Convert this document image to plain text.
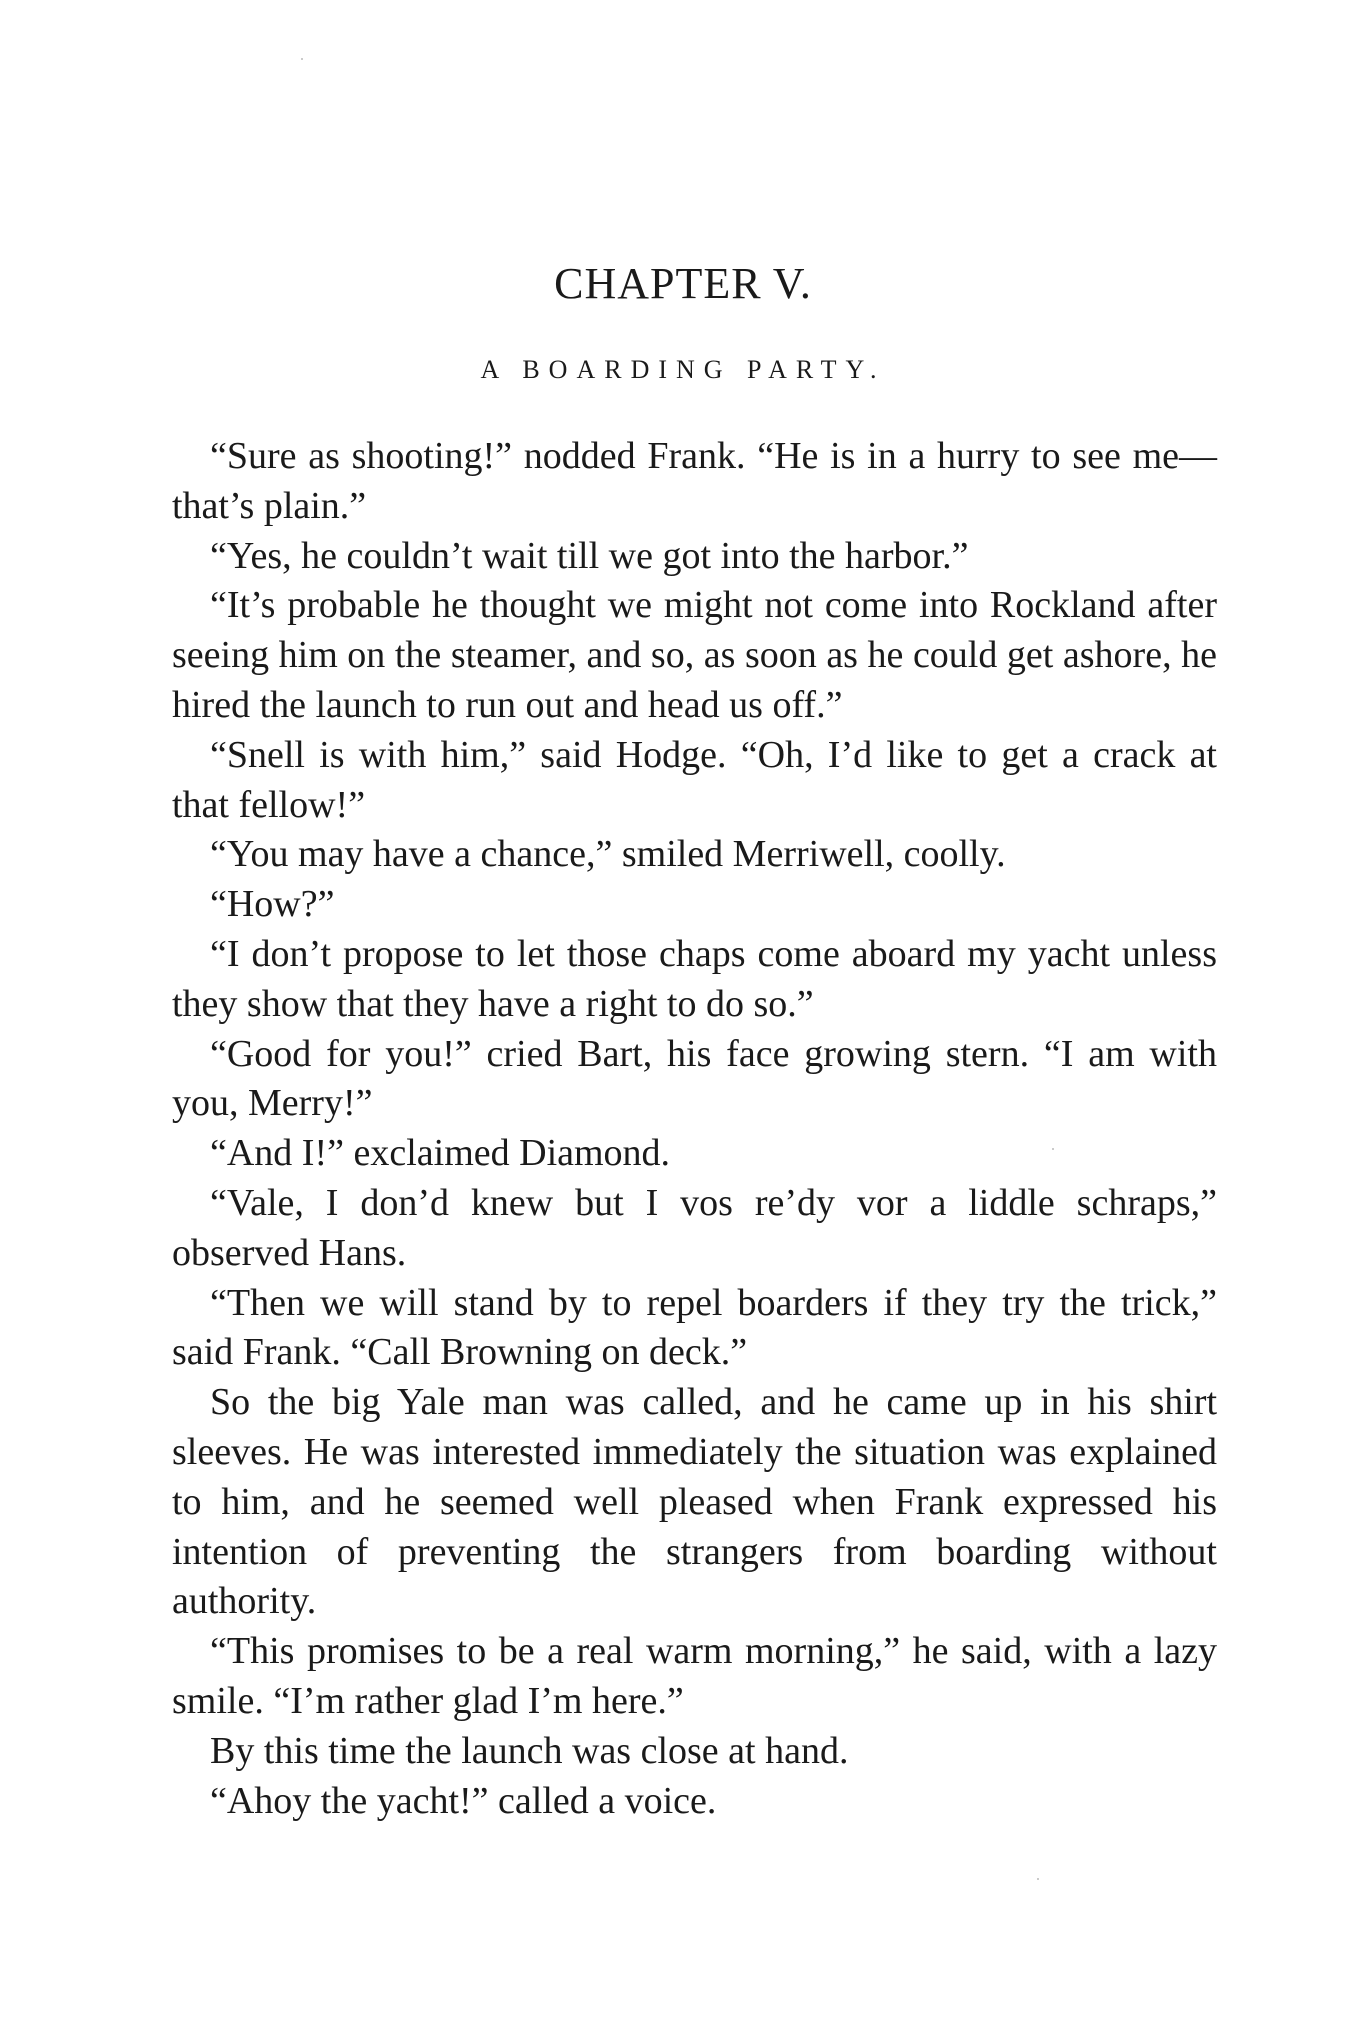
CHAPTER V.
A BOARDING PARTY.

“Sure as shooting!” nodded Frank. “He is in a hurry to see me—that’s plain.”

“Yes, he couldn’t wait till we got into the harbor.”

“It’s probable he thought we might not come into Rockland after seeing him on the steamer, and so, as soon as he could get ashore, he hired the launch to run out and head us off.”

“Snell is with him,” said Hodge. “Oh, I’d like to get a crack at that fellow!”

“You may have a chance,” smiled Merriwell, coolly.

“How?”

“I don’t propose to let those chaps come aboard my yacht unless they show that they have a right to do so.”

“Good for you!” cried Bart, his face growing stern. “I am with you, Merry!”

“And I!” exclaimed Diamond.

“Vale, I don’d knew but I vos re’dy vor a liddle schraps,” observed Hans.

“Then we will stand by to repel boarders if they try the trick,” said Frank. “Call Browning on deck.”

So the big Yale man was called, and he came up in his shirt sleeves. He was interested immediately the situation was explained to him, and he seemed well pleased when Frank expressed his intention of preventing the strangers from boarding without authority.

“This promises to be a real warm morning,” he said, with a lazy smile. “I’m rather glad I’m here.”

By this time the launch was close at hand.

“Ahoy the yacht!” called a voice.
